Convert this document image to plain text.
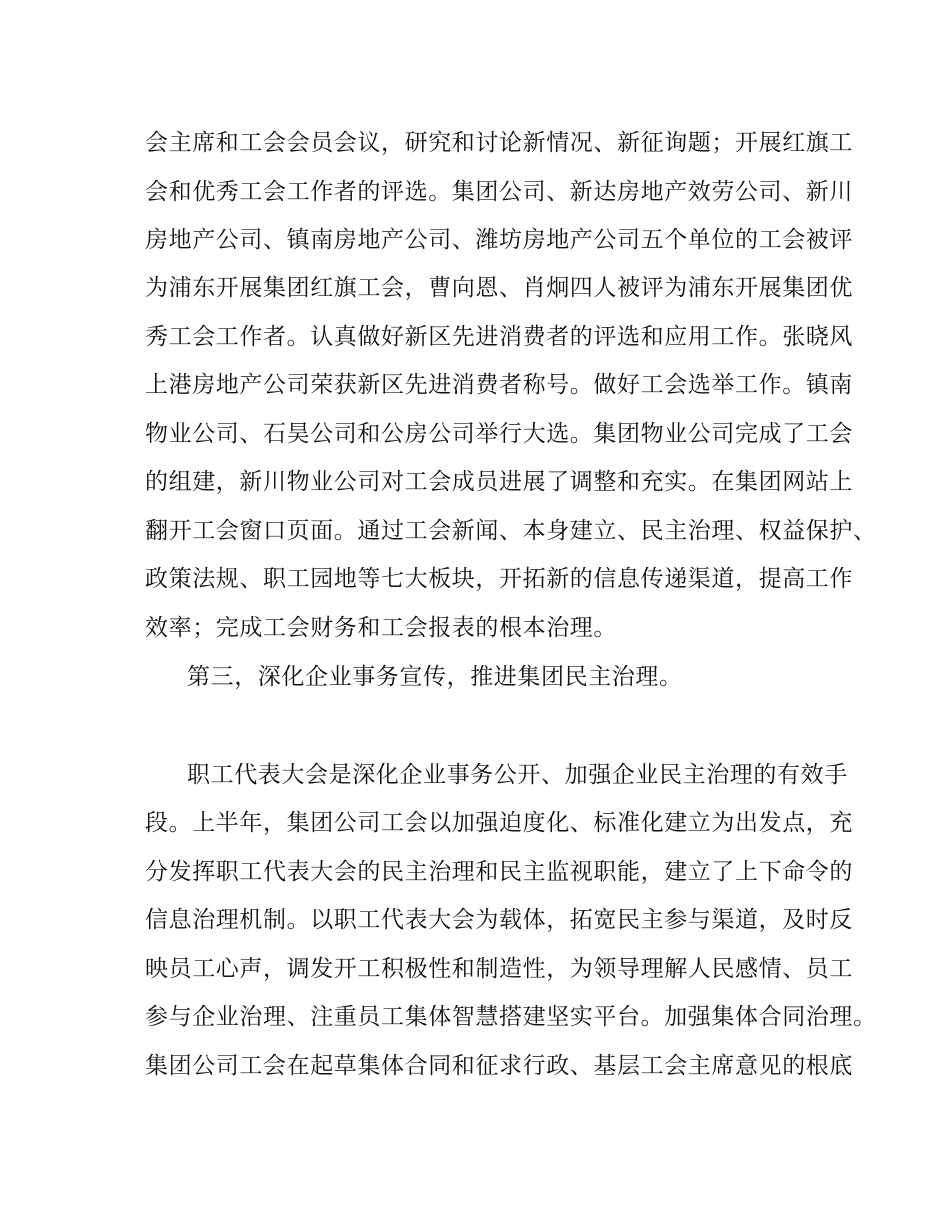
会主席和工会会员会议，研究和讨论新情况、新征询题；开展红旗工
会和优秀工会工作者的评选。集团公司、新达房地产效劳公司、新川
房地产公司、镇南房地产公司、潍坊房地产公司五个单位的工会被评
为浦东开展集团红旗工会，曹向恩、肖炯四人被评为浦东开展集团优
秀工会工作者。认真做好新区先进消费者的评选和应用工作。张晓风
上港房地产公司荣获新区先进消费者称号。做好工会选举工作。镇南
物业公司、石昊公司和公房公司举行大选。集团物业公司完成了工会
的组建，新川物业公司对工会成员进展了调整和充实。在集团网站上
翻开工会窗口页面。通过工会新闻、本身建立、民主治理、权益保护、
政策法规、职工园地等七大板块，开拓新的信息传递渠道，提高工作
效率；完成工会财务和工会报表的根本治理。
第三，深化企业事务宣传，推进集团民主治理。
职工代表大会是深化企业事务公开、加强企业民主治理的有效手
段。上半年，集团公司工会以加强迫度化、标准化建立为出发点，充
分发挥职工代表大会的民主治理和民主监视职能，建立了上下命令的
信息治理机制。以职工代表大会为载体，拓宽民主参与渠道，及时反
映员工心声，调发开工积极性和制造性，为领导理解人民感情、员工
参与企业治理、注重员工集体智慧搭建坚实平台。加强集体合同治理。
集团公司工会在起草集体合同和征求行政、基层工会主席意见的根底
